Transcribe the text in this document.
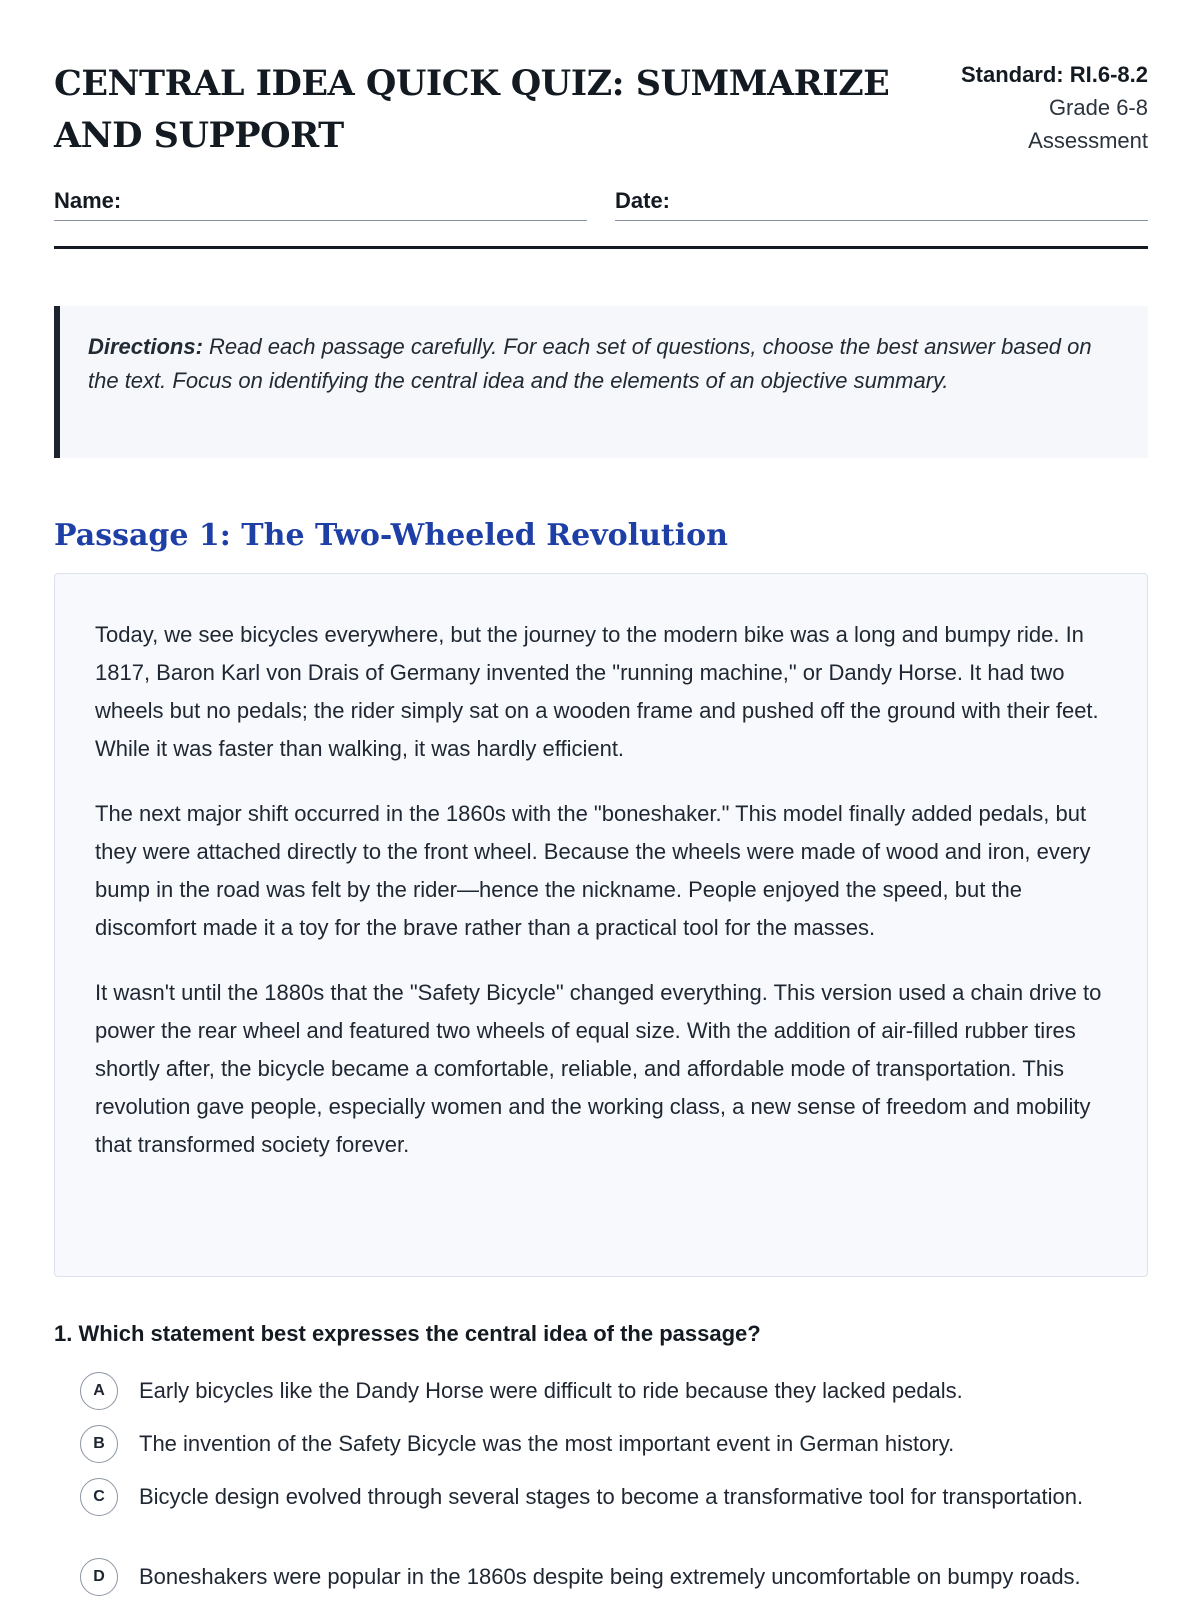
CENTRAL IDEA QUICK QUIZ: SUMMARIZE AND SUPPORT
Standard: RI.6-8.2
Grade 6-8
Assessment
Name:	Date:
Directions: Read each passage carefully. For each set of questions, choose the best answer based on the text. Focus on identifying the central idea and the elements of an objective summary.
Passage 1: The Two-Wheeled Revolution

Today, we see bicycles everywhere, but the journey to the modern bike was a long and bumpy ride. In 1817, Baron Karl von Drais of Germany invented the "running machine," or Dandy Horse. It had two wheels but no pedals; the rider simply sat on a wooden frame and pushed off the ground with their feet. While it was faster than walking, it was hardly efficient.

The next major shift occurred in the 1860s with the "boneshaker." This model finally added pedals, but they were attached directly to the front wheel. Because the wheels were made of wood and iron, every bump in the road was felt by the rider—hence the nickname. People enjoyed the speed, but the discomfort made it a toy for the brave rather than a practical tool for the masses.

It wasn't until the 1880s that the "Safety Bicycle" changed everything. This version used a chain drive to power the rear wheel and featured two wheels of equal size. With the addition of air-filled rubber tires shortly after, the bicycle became a comfortable, reliable, and affordable mode of transportation. This revolution gave people, especially women and the working class, a new sense of freedom and mobility that transformed society forever.

1. Which statement best expresses the central idea of the passage?

A	Early bicycles like the Dandy Horse were difficult to ride because they lacked pedals.
B	The invention of the Safety Bicycle was the most important event in German history.
C	Bicycle design evolved through several stages to become a transformative tool for transportation.
D	Boneshakers were popular in the 1860s despite being extremely uncomfortable on bumpy roads.
